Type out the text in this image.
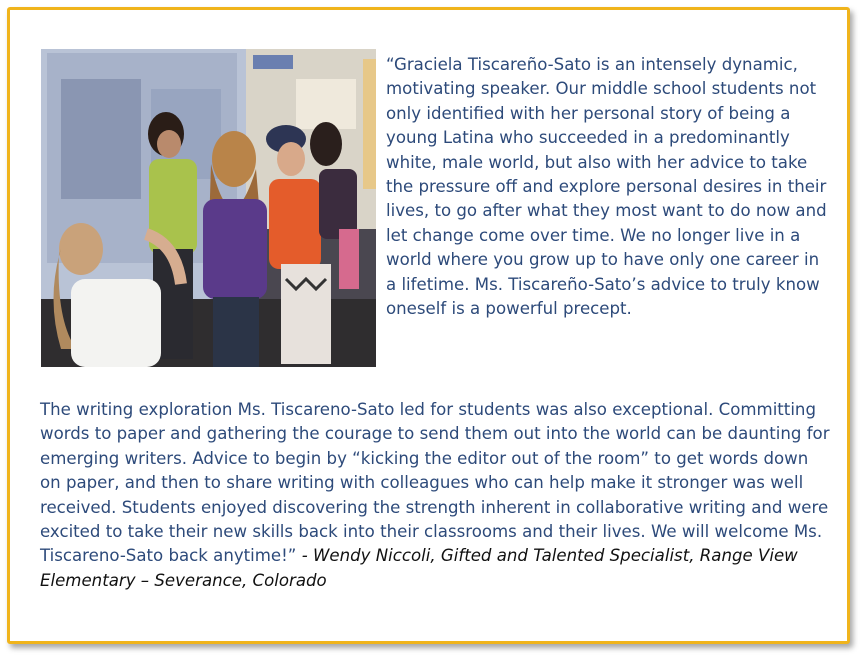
“Graciela Tiscareño-Sato is an intensely dynamic, motivating speaker. Our middle school students not only identified with her personal story of being a young Latina who succeeded in a predominantly white, male world, but also with her advice to take the pressure off and explore personal desires in their lives, to go after what they most want to do now and let change come over time. We no longer live in a world where you grow up to have only one career in a lifetime. Ms. Tiscareño-Sato’s advice to truly know oneself is a powerful precept.

The writing exploration Ms. Tiscareno-Sato led for students was also exceptional. Committing words to paper and gathering the courage to send them out into the world can be daunting for emerging writers. Advice to begin by “kicking the editor out of the room” to get words down on paper, and then to share writing with colleagues who can help make it stronger was well received. Students enjoyed discovering the strength inherent in collaborative writing and were excited to take their new skills back into their classrooms and their lives. We will welcome Ms. Tiscareno-Sato back anytime!” - Wendy Niccoli, Gifted and Talented Specialist, Range View Elementary – Severance, Colorado
